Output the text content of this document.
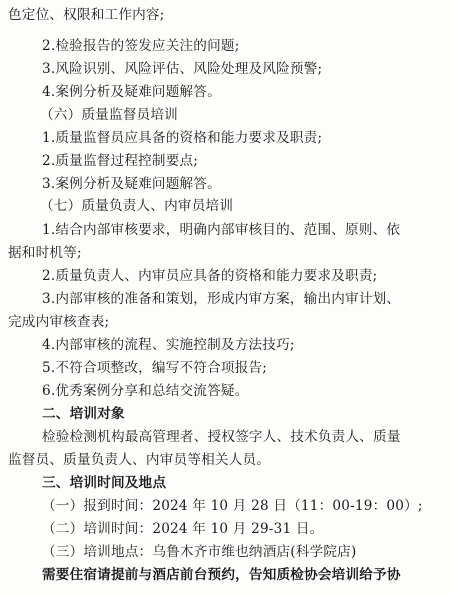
色定位、权限和工作内容;
2.检验报告的签发应关注的问题;
3.风险识别、风险评估、风险处理及风险预警;
4.案例分析及疑难问题解答。
（六）质量监督员培训
1.质量监督员应具备的资格和能力要求及职责;
2.质量监督过程控制要点;
3.案例分析及疑难问题解答。
（七）质量负责人、内审员培训
1.结合内部审核要求，明确内部审核目的、范围、原则、依
据和时机等;
2.质量负责人、内审员应具备的资格和能力要求及职责;
3.内部审核的准备和策划，形成内审方案，输出内审计划、
完成内审核查表;
4.内部审核的流程、实施控制及方法技巧;
5.不符合项整改，编写不符合项报告;
6.优秀案例分享和总结交流答疑。
二、培训对象
检验检测机构最高管理者、授权签字人、技术负责人、质量
监督员、质量负责人、内审员等相关人员。
三、培训时间及地点
（一）报到时间：2024 年 10 月 28 日（11：00-19：00）;
（二）培训时间：2024 年 10 月 29-31 日。
（三）培训地点：乌鲁木齐市维也纳酒店(科学院店)
需要住宿请提前与酒店前台预约，告知质检协会培训给予协
